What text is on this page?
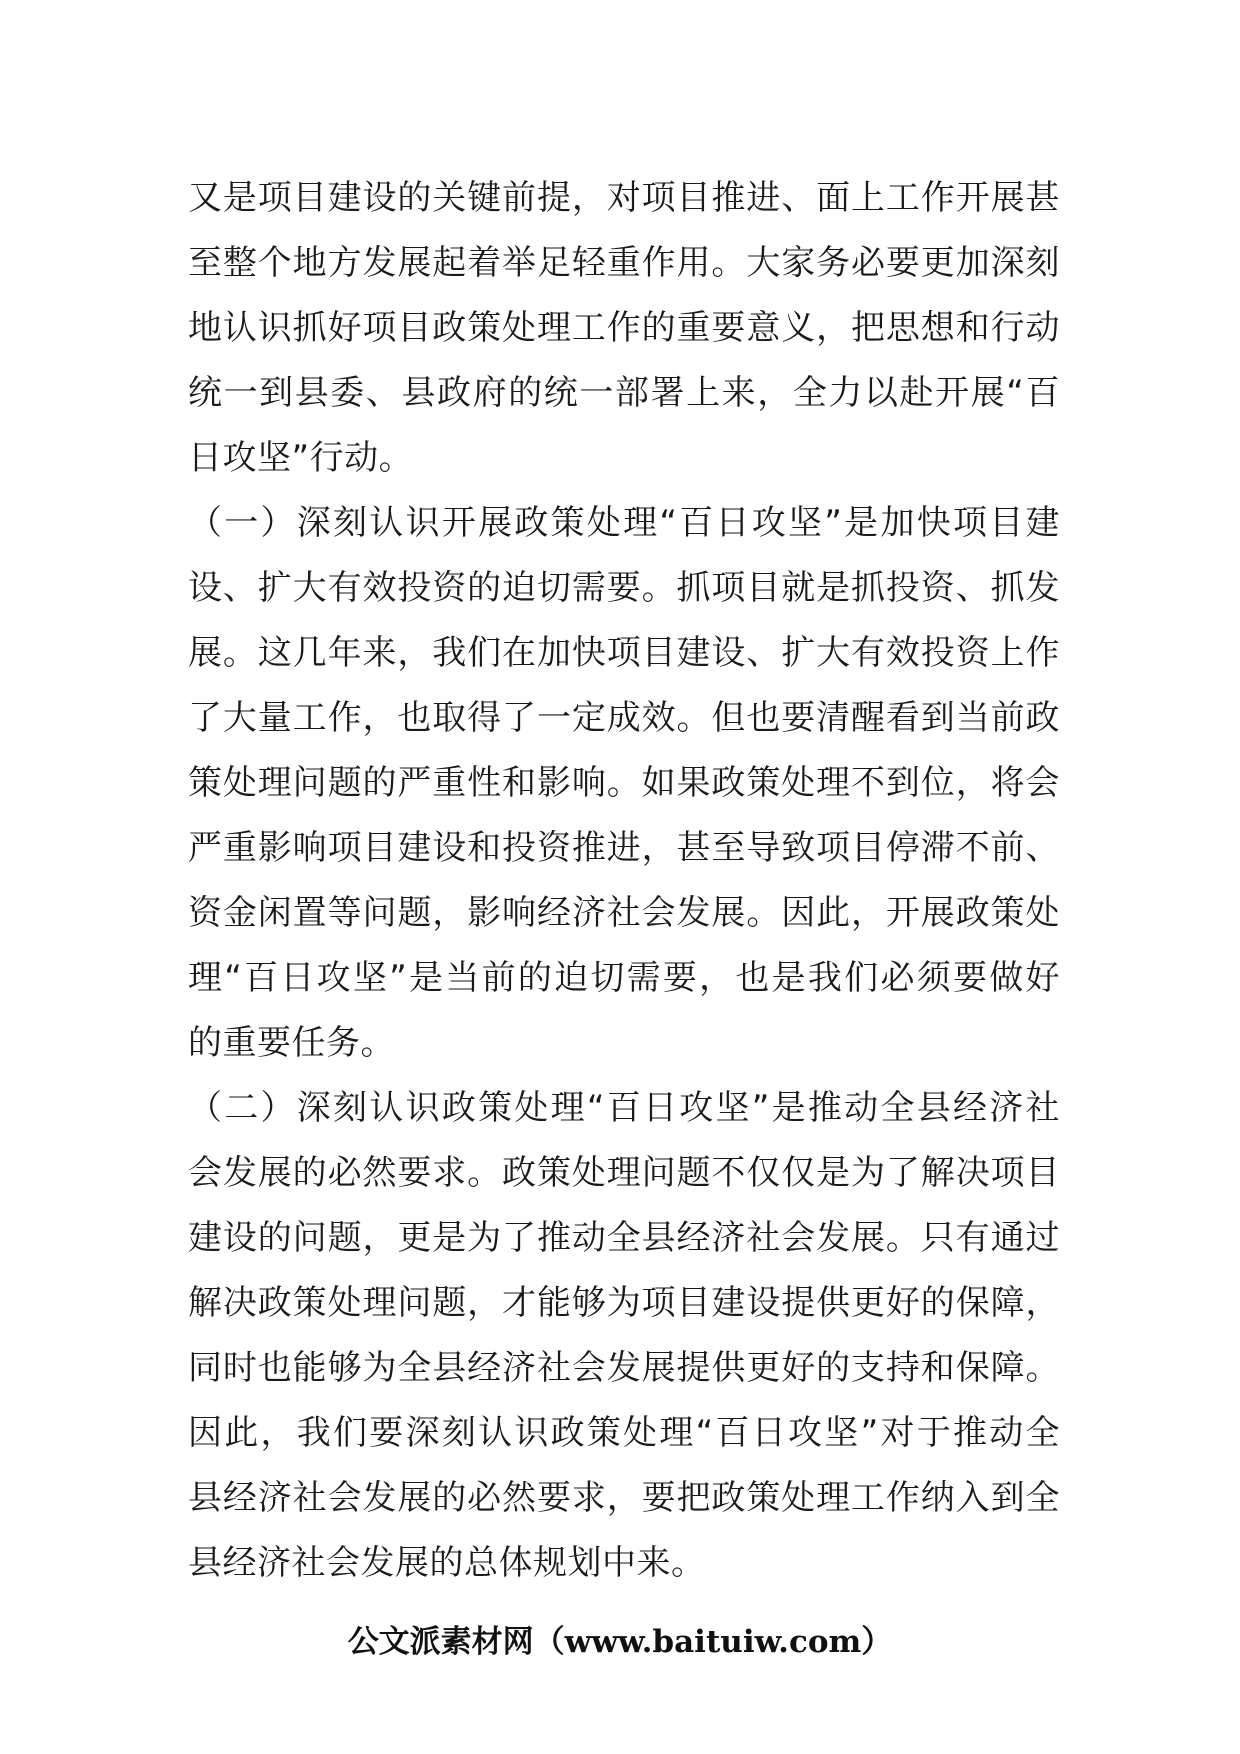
又是项目建设的关键前提，对项目推进、面上工作开展甚
至整个地方发展起着举足轻重作用。大家务必要更加深刻
地认识抓好项目政策处理工作的重要意义，把思想和行动
统一到县委、县政府的统一部署上来，全力以赴开展“百
日攻坚”行动。
（一）深刻认识开展政策处理“百日攻坚”是加快项目建
设、扩大有效投资的迫切需要。抓项目就是抓投资、抓发
展。这几年来，我们在加快项目建设、扩大有效投资上作
了大量工作，也取得了一定成效。但也要清醒看到当前政
策处理问题的严重性和影响。如果政策处理不到位，将会
严重影响项目建设和投资推进，甚至导致项目停滞不前、
资金闲置等问题，影响经济社会发展。因此，开展政策处
理“百日攻坚”是当前的迫切需要，也是我们必须要做好
的重要任务。
（二）深刻认识政策处理“百日攻坚”是推动全县经济社
会发展的必然要求。政策处理问题不仅仅是为了解决项目
建设的问题，更是为了推动全县经济社会发展。只有通过
解决政策处理问题，才能够为项目建设提供更好的保障，
同时也能够为全县经济社会发展提供更好的支持和保障。
因此，我们要深刻认识政策处理“百日攻坚”对于推动全
县经济社会发展的必然要求，要把政策处理工作纳入到全
县经济社会发展的总体规划中来。
公文派素材网（www.baituiw.com）
